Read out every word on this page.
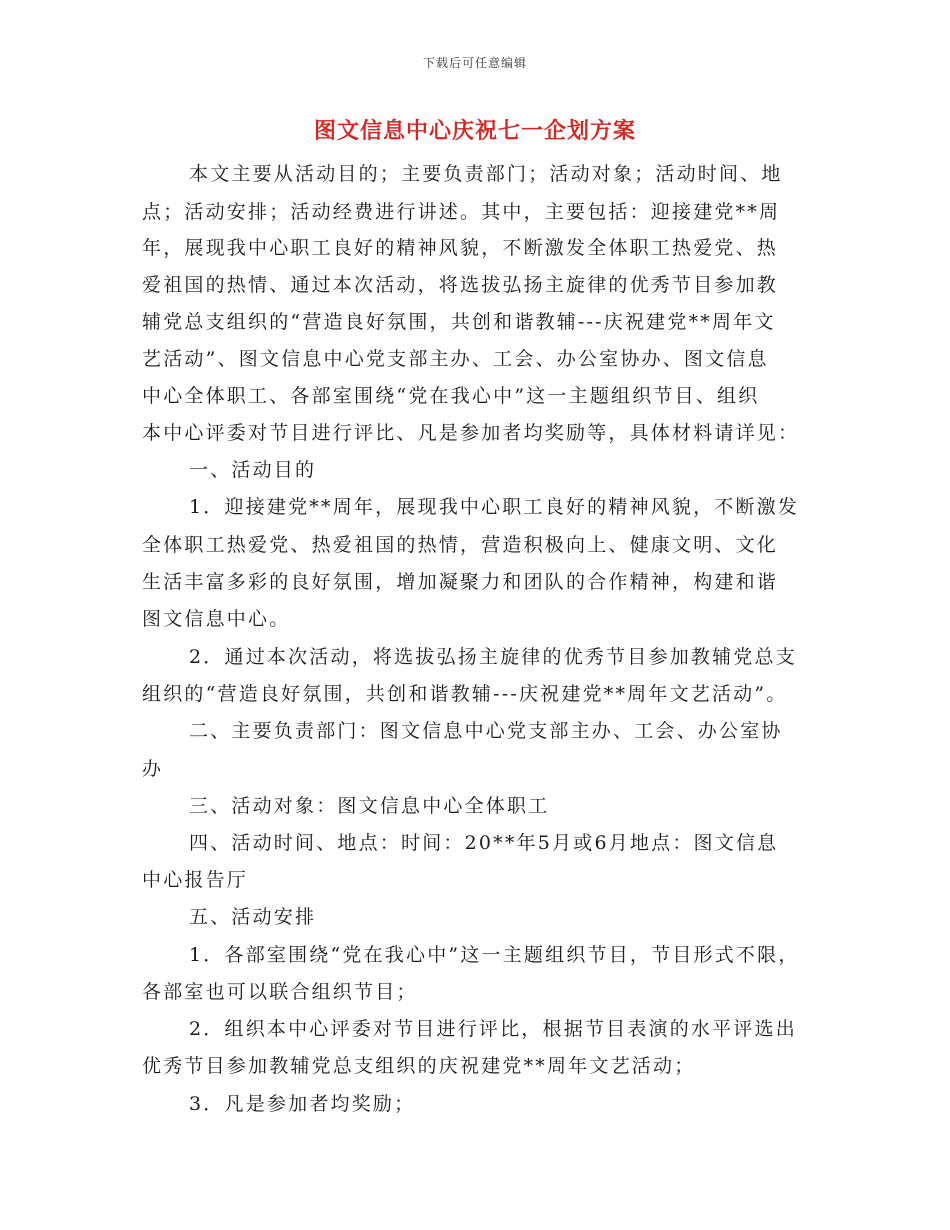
下载后可任意编辑
图文信息中心庆祝七一企划方案
本文主要从活动目的；主要负责部门；活动对象；活动时间、地
点；活动安排；活动经费进行讲述。其中，主要包括：迎接建党**周
年，展现我中心职工良好的精神风貌，不断激发全体职工热爱党、热
爱祖国的热情、通过本次活动，将选拔弘扬主旋律的优秀节目参加教
辅党总支组织的“营造良好氛围，共创和谐教辅---庆祝建党**周年文
艺活动”、图文信息中心党支部主办、工会、办公室协办、图文信息
中心全体职工、各部室围绕“党在我心中”这一主题组织节目、组织
本中心评委对节目进行评比、凡是参加者均奖励等，具体材料请详见：
一、活动目的
1．迎接建党**周年，展现我中心职工良好的精神风貌，不断激发
全体职工热爱党、热爱祖国的热情，营造积极向上、健康文明、文化
生活丰富多彩的良好氛围，增加凝聚力和团队的合作精神，构建和谐
图文信息中心。
2．通过本次活动，将选拔弘扬主旋律的优秀节目参加教辅党总支
组织的“营造良好氛围，共创和谐教辅---庆祝建党**周年文艺活动”。
二、主要负责部门：图文信息中心党支部主办、工会、办公室协
办
三、活动对象：图文信息中心全体职工
四、活动时间、地点：时间：20**年5月或6月地点：图文信息
中心报告厅
五、活动安排
1．各部室围绕“党在我心中”这一主题组织节目，节目形式不限，
各部室也可以联合组织节目；
2．组织本中心评委对节目进行评比，根据节目表演的水平评选出
优秀节目参加教辅党总支组织的庆祝建党**周年文艺活动；
3．凡是参加者均奖励；
